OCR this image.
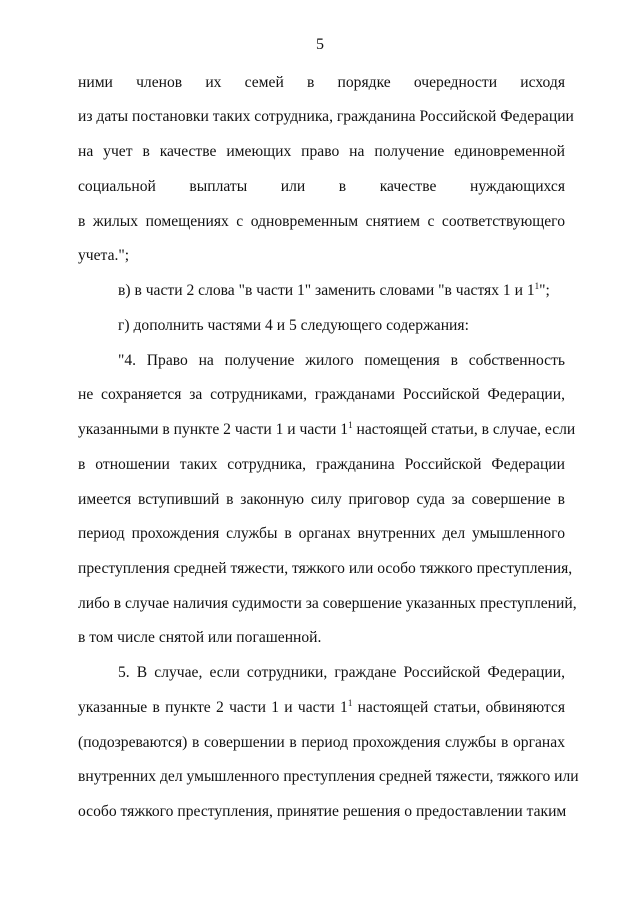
5
ними членов их семей в порядке очередности исходя
из даты постановки таких сотрудника, гражданина Российской Федерации
на учет в качестве имеющих право на получение единовременной
социальной выплаты или в качестве нуждающихся
в жилых помещениях с одновременным снятием с соответствующего
учета.";
в) в части 2 слова "в части 1" заменить словами "в частях 1 и $1^1$";
г) дополнить частями 4 и 5 следующего содержания:
"4. Право на получение жилого помещения в собственность
не сохраняется за сотрудниками, гражданами Российской Федерации,
указанными в пункте 2 части 1 и части $1^1$ настоящей статьи, в случае, если
в отношении таких сотрудника, гражданина Российской Федерации
имеется вступивший в законную силу приговор суда за совершение в
период прохождения службы в органах внутренних дел умышленного
преступления средней тяжести, тяжкого или особо тяжкого преступления,
либо в случае наличия судимости за совершение указанных преступлений,
в том числе снятой или погашенной.
5. В случае, если сотрудники, граждане Российской Федерации,
указанные в пункте 2 части 1 и части $1^1$ настоящей статьи, обвиняются
(подозреваются) в совершении в период прохождения службы в органах
внутренних дел умышленного преступления средней тяжести, тяжкого или
особо тяжкого преступления, принятие решения о предоставлении таким
